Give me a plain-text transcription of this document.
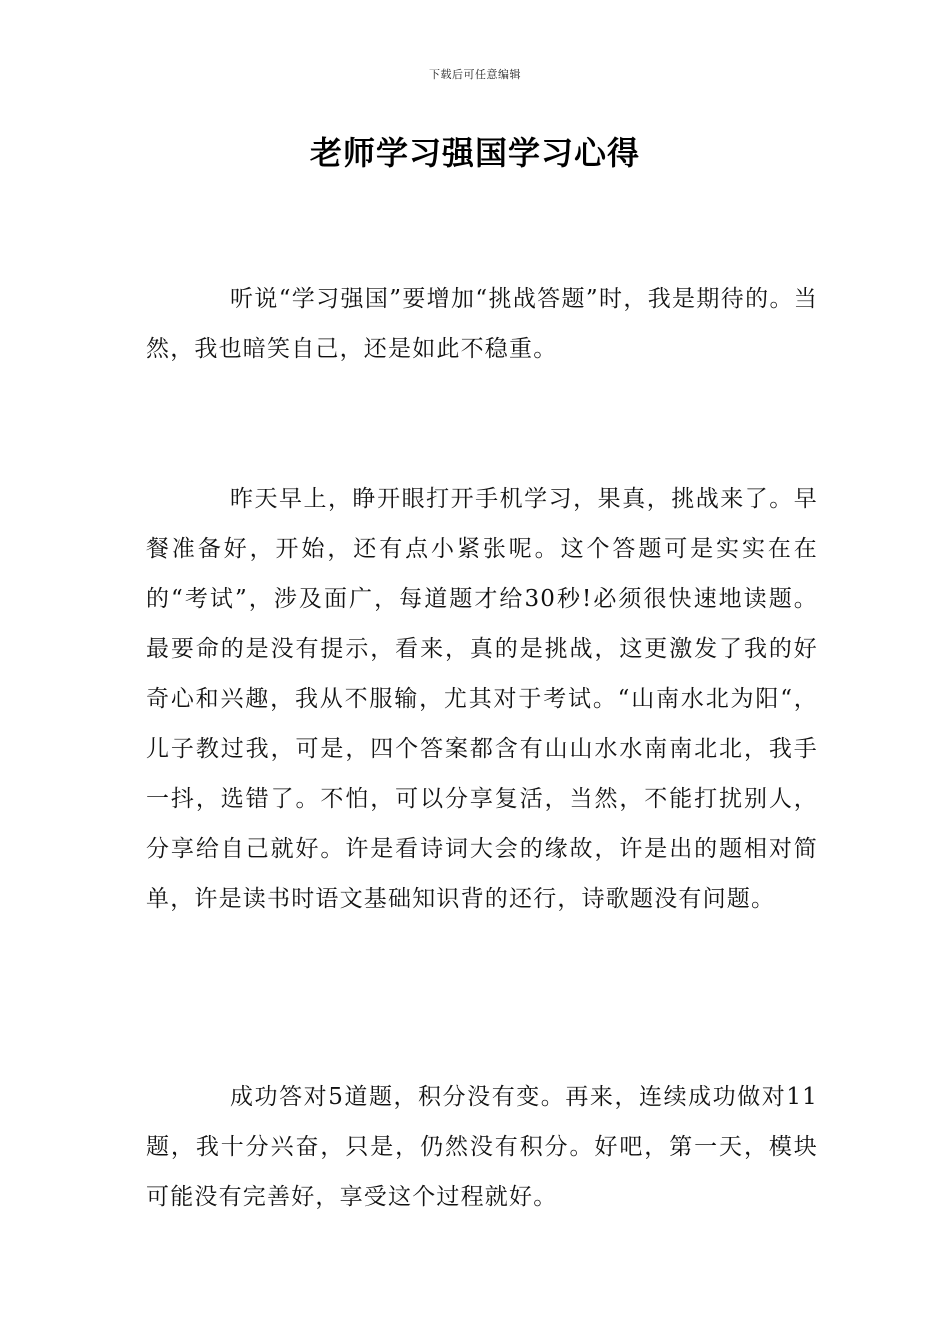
下载后可任意编辑
老师学习强国学习心得

听说“学习强国”要增加“挑战答题”时，我是期待的。当然，我也暗笑自己，还是如此不稳重。

昨天早上，睁开眼打开手机学习，果真，挑战来了。早餐准备好，开始，还有点小紧张呢。这个答题可是实实在在的“考试”，涉及面广，每道题才给30秒!必须很快速地读题。最要命的是没有提示，看来，真的是挑战，这更激发了我的好奇心和兴趣，我从不服输，尤其对于考试。“山南水北为阳“，儿子教过我，可是，四个答案都含有山山水水南南北北，我手一抖，选错了。不怕，可以分享复活，当然，不能打扰别人，分享给自己就好。许是看诗词大会的缘故，许是出的题相对简单，许是读书时语文基础知识背的还行，诗歌题没有问题。

成功答对5道题，积分没有变。再来，连续成功做对11题，我十分兴奋，只是，仍然没有积分。好吧，第一天，模块可能没有完善好，享受这个过程就好。
